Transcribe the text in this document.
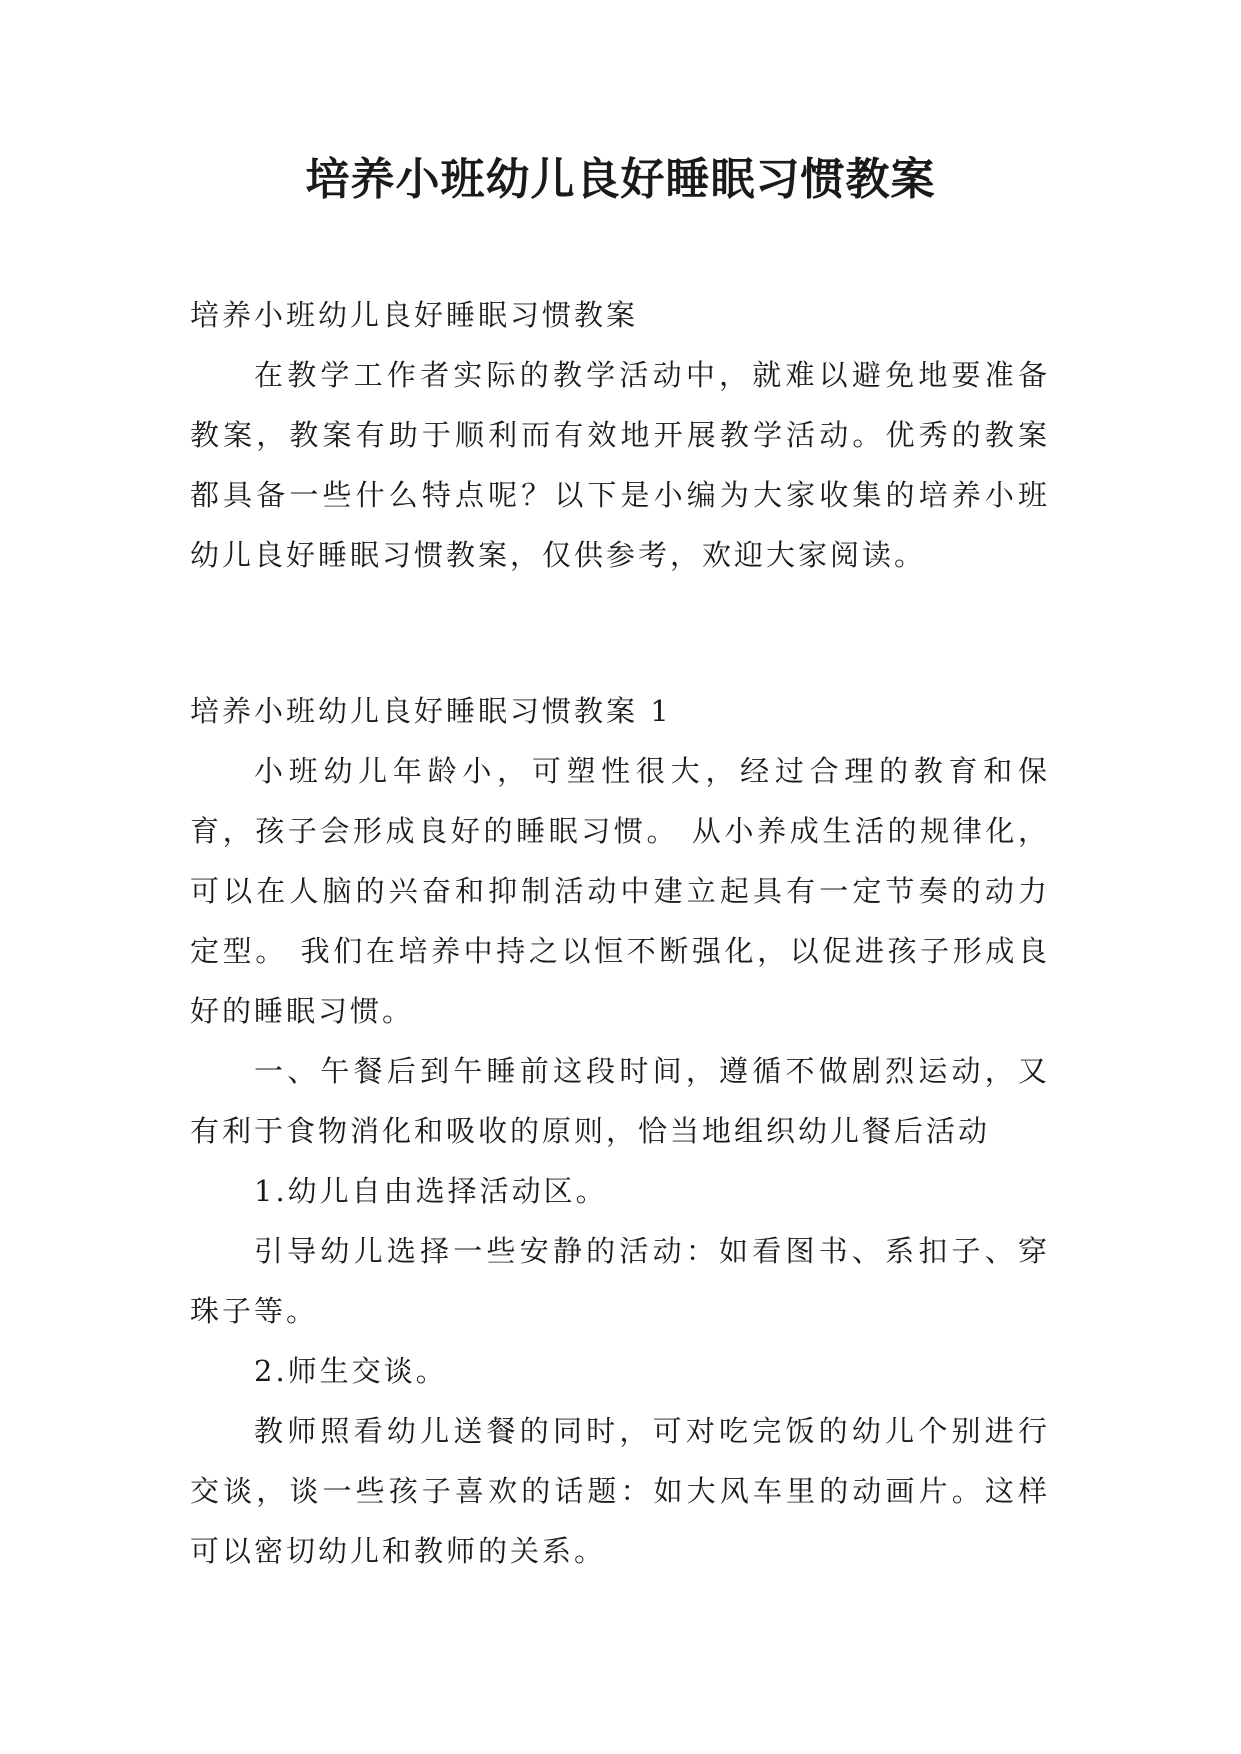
培养小班幼儿良好睡眠习惯教案

培养小班幼儿良好睡眠习惯教案

在教学工作者实际的教学活动中，就难以避免地要准备教案，教案有助于顺利而有效地开展教学活动。优秀的教案都具备一些什么特点呢？以下是小编为大家收集的培养小班幼儿良好睡眠习惯教案，仅供参考，欢迎大家阅读。

培养小班幼儿良好睡眠习惯教案 1

小班幼儿年龄小，可塑性很大，经过合理的教育和保育，孩子会形成良好的睡眠习惯。 从小养成生活的规律化，可以在人脑的兴奋和抑制活动中建立起具有一定节奏的动力定型。 我们在培养中持之以恒不断强化，以促进孩子形成良好的睡眠习惯。

一、午餐后到午睡前这段时间，遵循不做剧烈运动，又有利于食物消化和吸收的原则，恰当地组织幼儿餐后活动

1.幼儿自由选择活动区。

引导幼儿选择一些安静的活动：如看图书、系扣子、穿珠子等。

2.师生交谈。

教师照看幼儿送餐的同时，可对吃完饭的幼儿个别进行交谈，谈一些孩子喜欢的话题：如大风车里的动画片。这样可以密切幼儿和教师的关系。
